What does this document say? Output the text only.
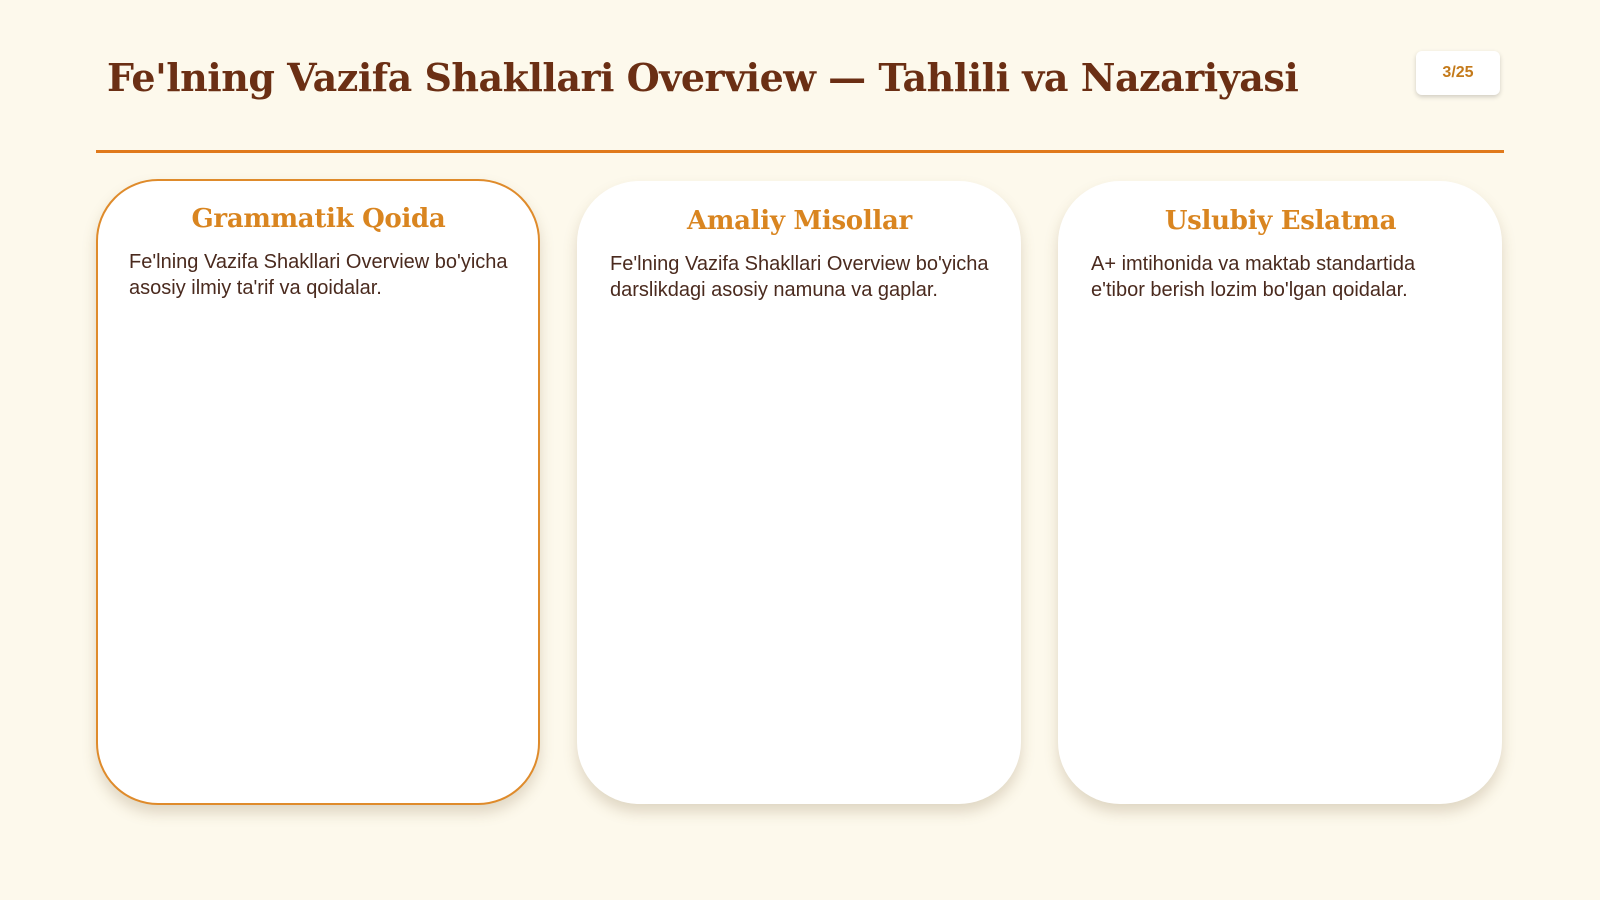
Fe'lning Vazifa Shakllari Overview — Tahlili va Nazariyasi	3/25
Grammatik Qoida

Fe'lning Vazifa Shakllari Overview bo'yicha asosiy ilmiy ta'rif va qoidalar.

Amaliy Misollar

Fe'lning Vazifa Shakllari Overview bo'yicha darslikdagi asosiy namuna va gaplar.

Uslubiy Eslatma

A+ imtihonida va maktab standartida e'tibor berish lozim bo'lgan qoidalar.
